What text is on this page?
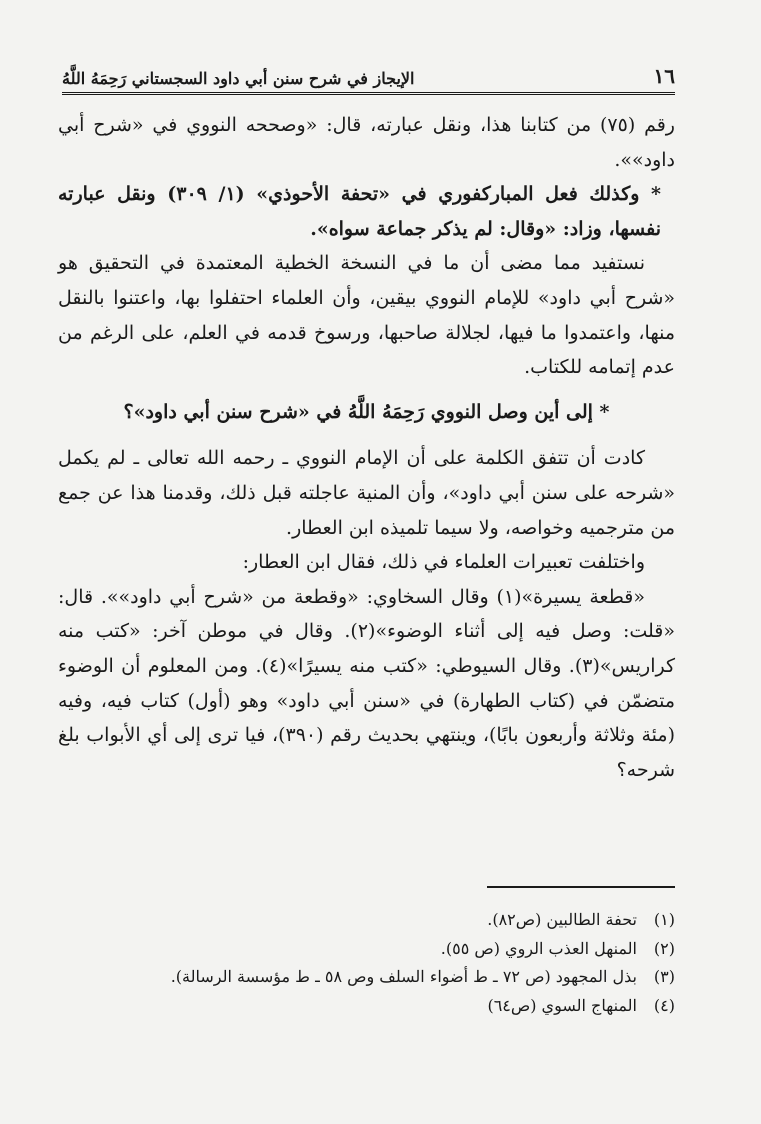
١٦
الإيجاز في شرح سنن أبي داود السجستاني رَحِمَهُ اللَّهُ

رقم (٧٥) من كتابنا هذا، ونقل عبارته، قال: «وصححه النووي في «شرح أبي داود»».

* وكذلك فعل المباركفوري في «تحفة الأحوذي» (١/ ٣٠٩) ونقل عبارته نفسها، وزاد: «وقال: لم يذكر جماعة سواه».

نستفيد مما مضى أن ما في النسخة الخطية المعتمدة في التحقيق هو «شرح أبي داود» للإمام النووي بيقين، وأن العلماء احتفلوا بها، واعتنوا بالنقل منها، واعتمدوا ما فيها، لجلالة صاحبها، ورسوخ قدمه في العلم، على الرغم من عدم إتمامه للكتاب.

* إلى أين وصل النووي رَحِمَهُ اللَّهُ في «شرح سنن أبي داود»؟

كادت أن تتفق الكلمة على أن الإمام النووي ـ رحمه الله تعالى ـ لم يكمل «شرحه على سنن أبي داود»، وأن المنية عاجلته قبل ذلك، وقدمنا هذا عن جمع من مترجميه وخواصه، ولا سيما تلميذه ابن العطار.

واختلفت تعبيرات العلماء في ذلك، فقال ابن العطار:

«قطعة يسيرة»(١) وقال السخاوي: «وقطعة من «شرح أبي داود»». قال: «قلت: وصل فيه إلى أثناء الوضوء»(٢). وقال في موطن آخر: «كتب منه كراريس»(٣). وقال السيوطي: «كتب منه يسيرًا»(٤). ومن المعلوم أن الوضوء متضمّن في (كتاب الطهارة) في «سنن أبي داود» وهو (أول) كتاب فيه، وفيه (مئة وثلاثة وأربعون بابًا)، وينتهي بحديث رقم (٣٩٠)، فيا ترى إلى أي الأبواب بلغ شرحه؟

(١)
تحفة الطالبين (ص٨٢).
(٢)
المنهل العذب الروي (ص ٥٥).
(٣)
بذل المجهود (ص ٧٢ ـ ط أضواء السلف وص ٥٨ ـ ط مؤسسة الرسالة).
(٤)
المنهاج السوي (ص٦٤)
